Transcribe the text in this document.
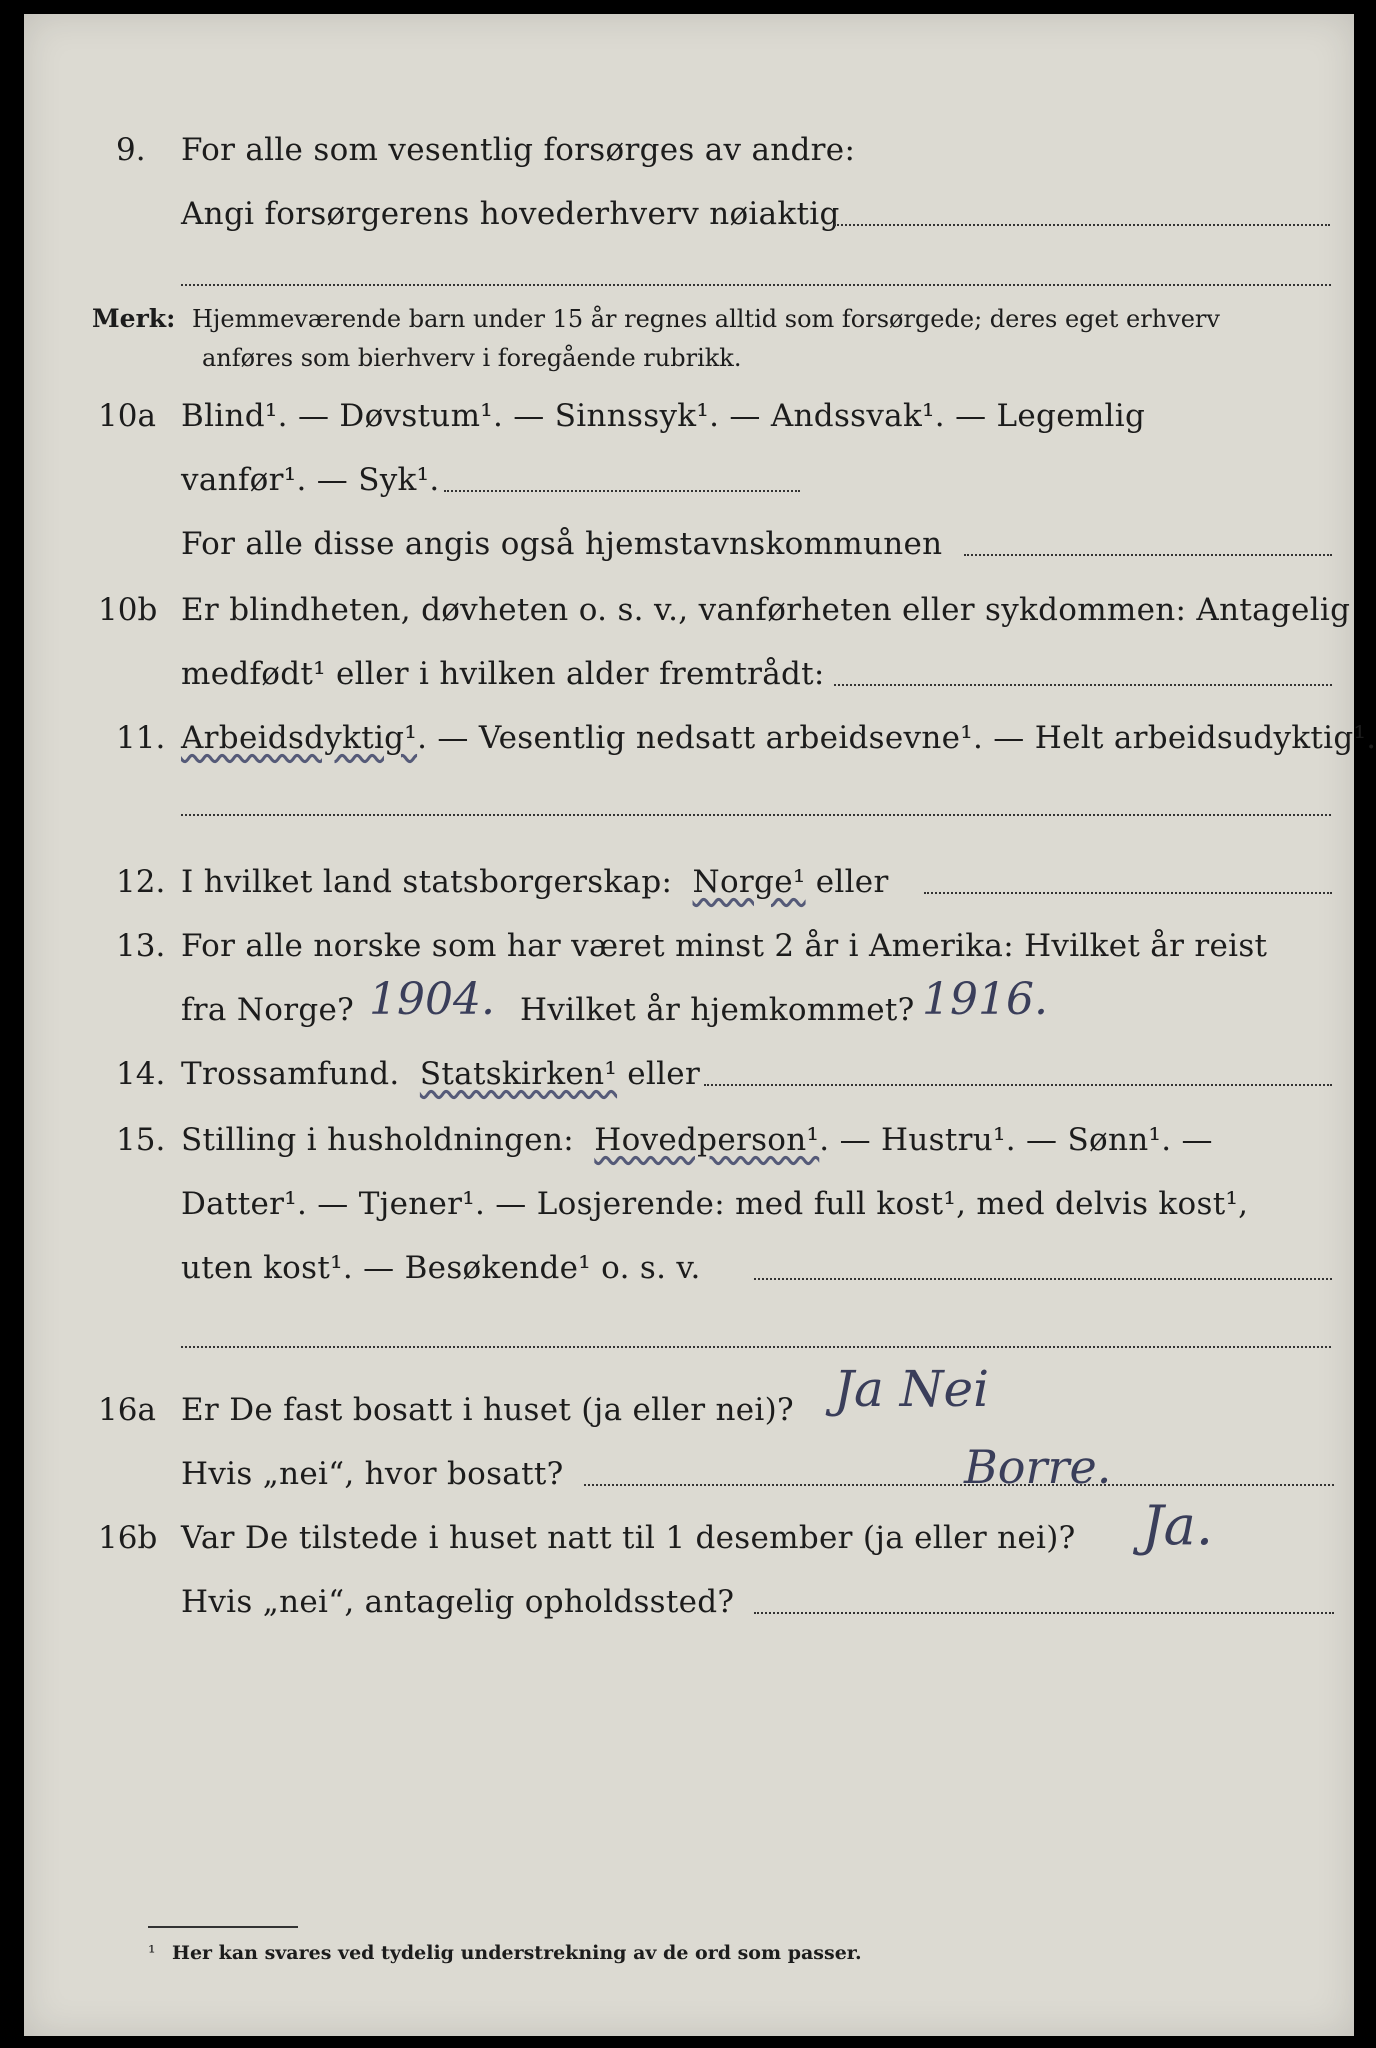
9. For alle som vesentlig forsørges av andre:
Angi forsørgerens hovederhverv nøiaktig
Merk: Hjemmeværende barn under 15 år regnes alltid som forsørgede; deres eget erhverv
anføres som bierhverv i foregående rubrikk.
10a Blind¹. — Døvstum¹. — Sinnssyk¹. — Andssvak¹. — Legemlig
vanfør¹. — Syk¹.
For alle disse angis også hjemstavnskommunen
10b Er blindheten, døvheten o. s. v., vanførheten eller sykdommen: Antagelig
medfødt¹ eller i hvilken alder fremtrådt:
11. Arbeidsdyktig¹. — Vesentlig nedsatt arbeidsevne¹. — Helt arbeidsudyktig¹.
12. I hvilket land statsborgerskap: Norge¹ eller
13. For alle norske som har været minst 2 år i Amerika: Hvilket år reist
fra Norge? 1904. Hvilket år hjemkommet? 1916.
14. Trossamfund. Statskirken¹ eller
15. Stilling i husholdningen: Hovedperson¹. — Hustru¹. — Sønn¹. —
Datter¹. — Tjener¹. — Losjerende: med full kost¹, med delvis kost¹,
uten kost¹. — Besøkende¹ o. s. v.
16a Er De fast bosatt i huset (ja eller nei)? Ja Nei
Hvis „nei“, hvor bosatt?	Borre.
16b Var De tilstede i huset natt til 1 desember (ja eller nei)? Ja.
Hvis „nei“, antagelig opholdssted?
¹ Her kan svares ved tydelig understrekning av de ord som passer.
